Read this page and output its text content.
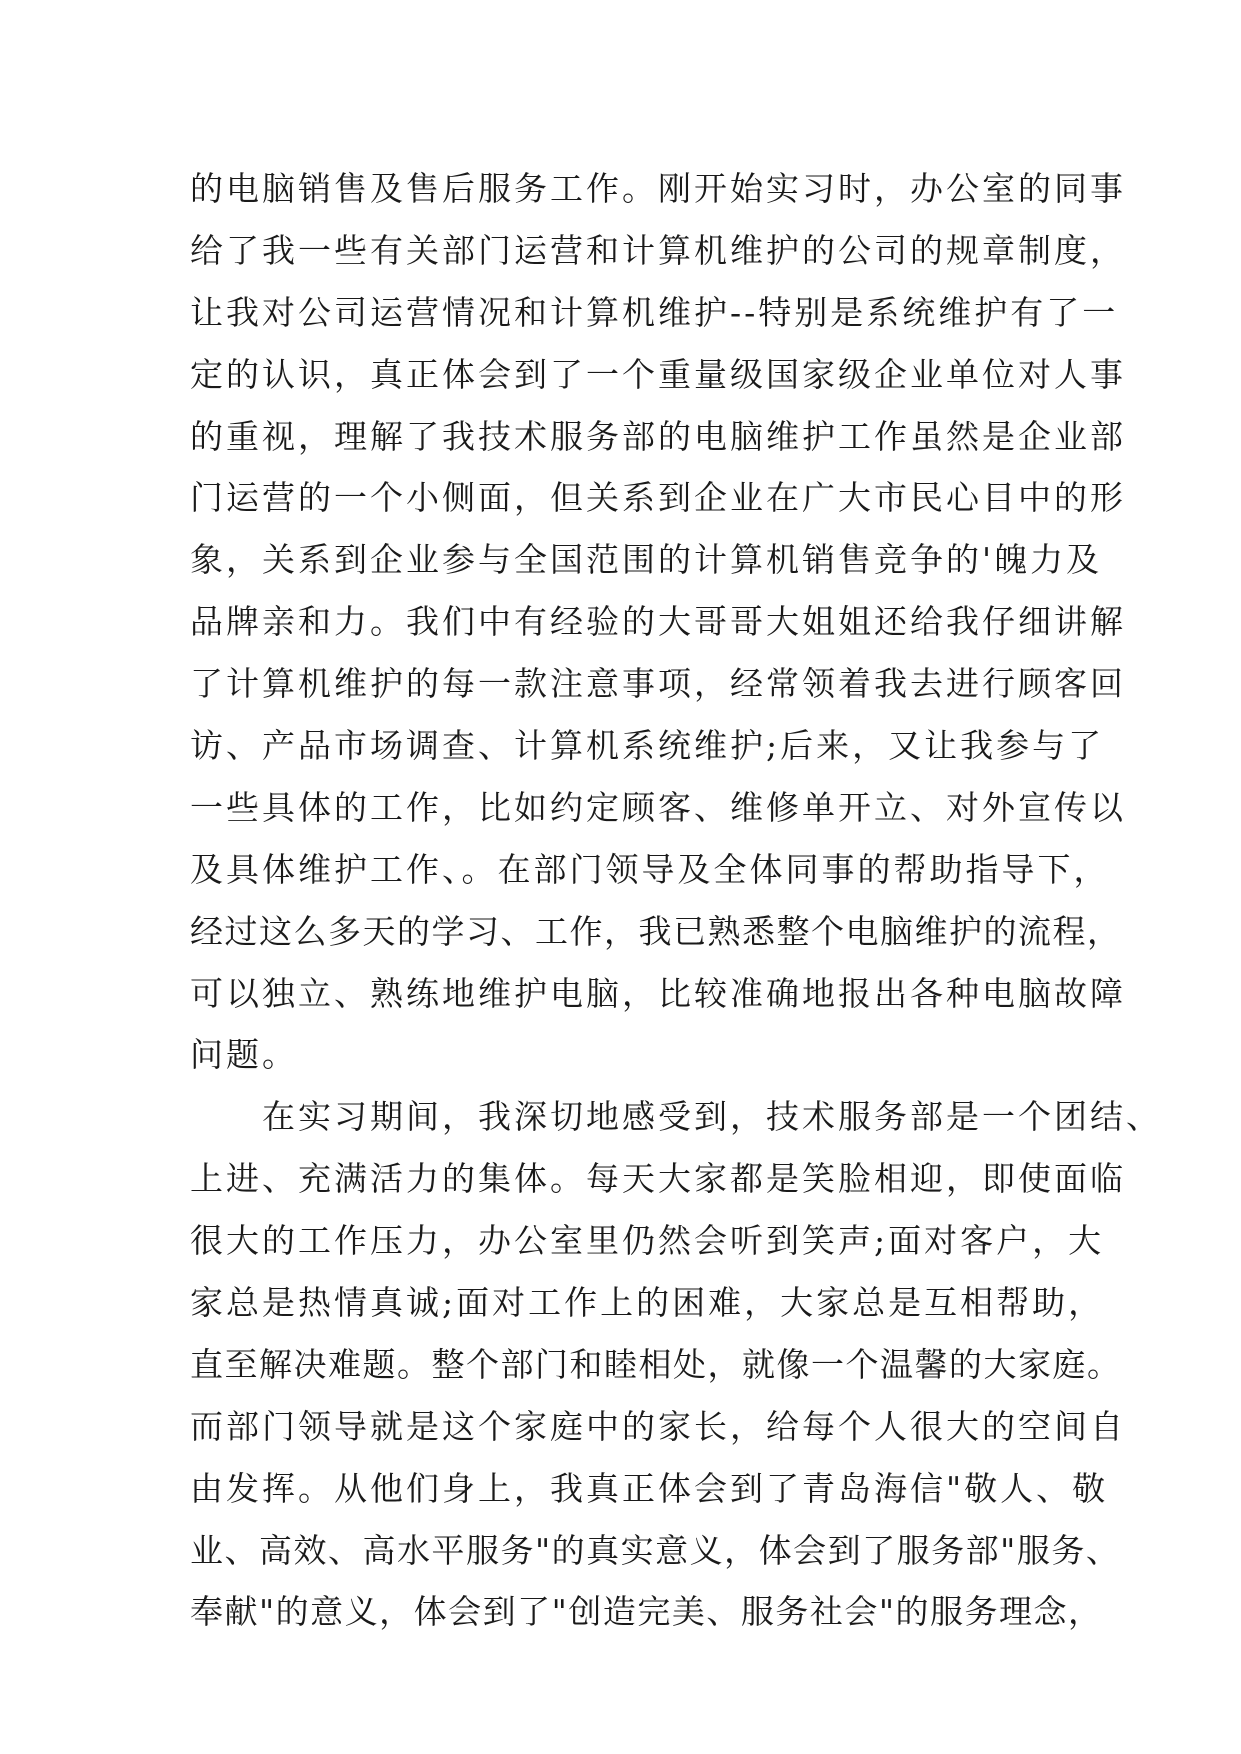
的电脑销售及售后服务工作。刚开始实习时，办公室的同事
给了我一些有关部门运营和计算机维护的公司的规章制度，
让我对公司运营情况和计算机维护--特别是系统维护有了一
定的认识，真正体会到了一个重量级国家级企业单位对人事
的重视，理解了我技术服务部的电脑维护工作虽然是企业部
门运营的一个小侧面，但关系到企业在广大市民心目中的形
象，关系到企业参与全国范围的计算机销售竞争的'魄力及
品牌亲和力。我们中有经验的大哥哥大姐姐还给我仔细讲解
了计算机维护的每一款注意事项，经常领着我去进行顾客回
访、产品市场调查、计算机系统维护;后来，又让我参与了
一些具体的工作，比如约定顾客、维修单开立、对外宣传以
及具体维护工作、。在部门领导及全体同事的帮助指导下，
经过这么多天的学习、工作，我已熟悉整个电脑维护的流程，
可以独立、熟练地维护电脑，比较准确地报出各种电脑故障
问题。
　　在实习期间，我深切地感受到，技术服务部是一个团结、
上进、充满活力的集体。每天大家都是笑脸相迎，即使面临
很大的工作压力，办公室里仍然会听到笑声;面对客户，大
家总是热情真诚;面对工作上的困难，大家总是互相帮助，
直至解决难题。整个部门和睦相处，就像一个温馨的大家庭。
而部门领导就是这个家庭中的家长，给每个人很大的空间自
由发挥。从他们身上，我真正体会到了青岛海信"敬人、敬
业、高效、高水平服务"的真实意义，体会到了服务部"服务、
奉献"的意义，体会到了"创造完美、服务社会"的服务理念，
